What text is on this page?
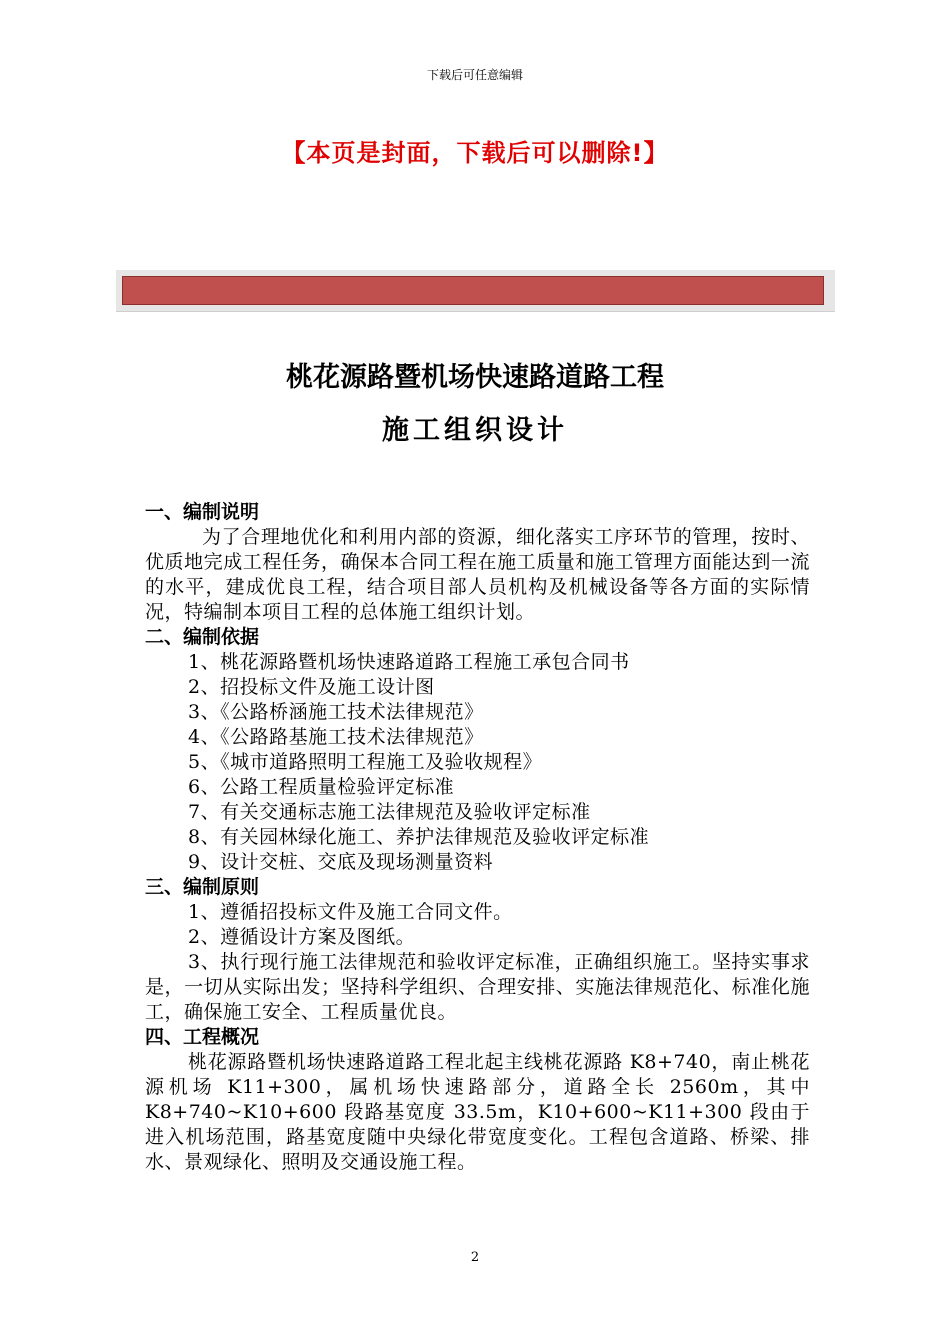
下载后可任意编辑
【本页是封面，下载后可以删除!】
桃花源路暨机场快速路道路工程
施工组织设计
一、编制说明
为了合理地优化和利用内部的资源，细化落实工序环节的管理，按时、优质地完成工程任务，确保本合同工程在施工质量和施工管理方面能达到一流的水平，建成优良工程，结合项目部人员机构及机械设备等各方面的实际情况，特编制本项目工程的总体施工组织计划。
二、编制依据
1、桃花源路暨机场快速路道路工程施工承包合同书
2、招投标文件及施工设计图
3、《公路桥涵施工技术法律规范》
4、《公路路基施工技术法律规范》
5、《城市道路照明工程施工及验收规程》
6、公路工程质量检验评定标准
7、有关交通标志施工法律规范及验收评定标准
8、有关园林绿化施工、养护法律规范及验收评定标准
9、设计交桩、交底及现场测量资料
三、编制原则
1、遵循招投标文件及施工合同文件。
2、遵循设计方案及图纸。
3、执行现行施工法律规范和验收评定标准，正确组织施工。坚持实事求是，一切从实际出发；坚持科学组织、合理安排、实施法律规范化、标准化施工，确保施工安全、工程质量优良。
四、工程概况
桃花源路暨机场快速路道路工程北起主线桃花源路 K8+740，南止桃花源机场 K11+300，属机场快速路部分，道路全长 2560m，其中K8+740~K10+600 段路基宽度 33.5m，K10+600~K11+300 段由于进入机场范围，路基宽度随中央绿化带宽度变化。工程包含道路、桥梁、排水、景观绿化、照明及交通设施工程。
2
